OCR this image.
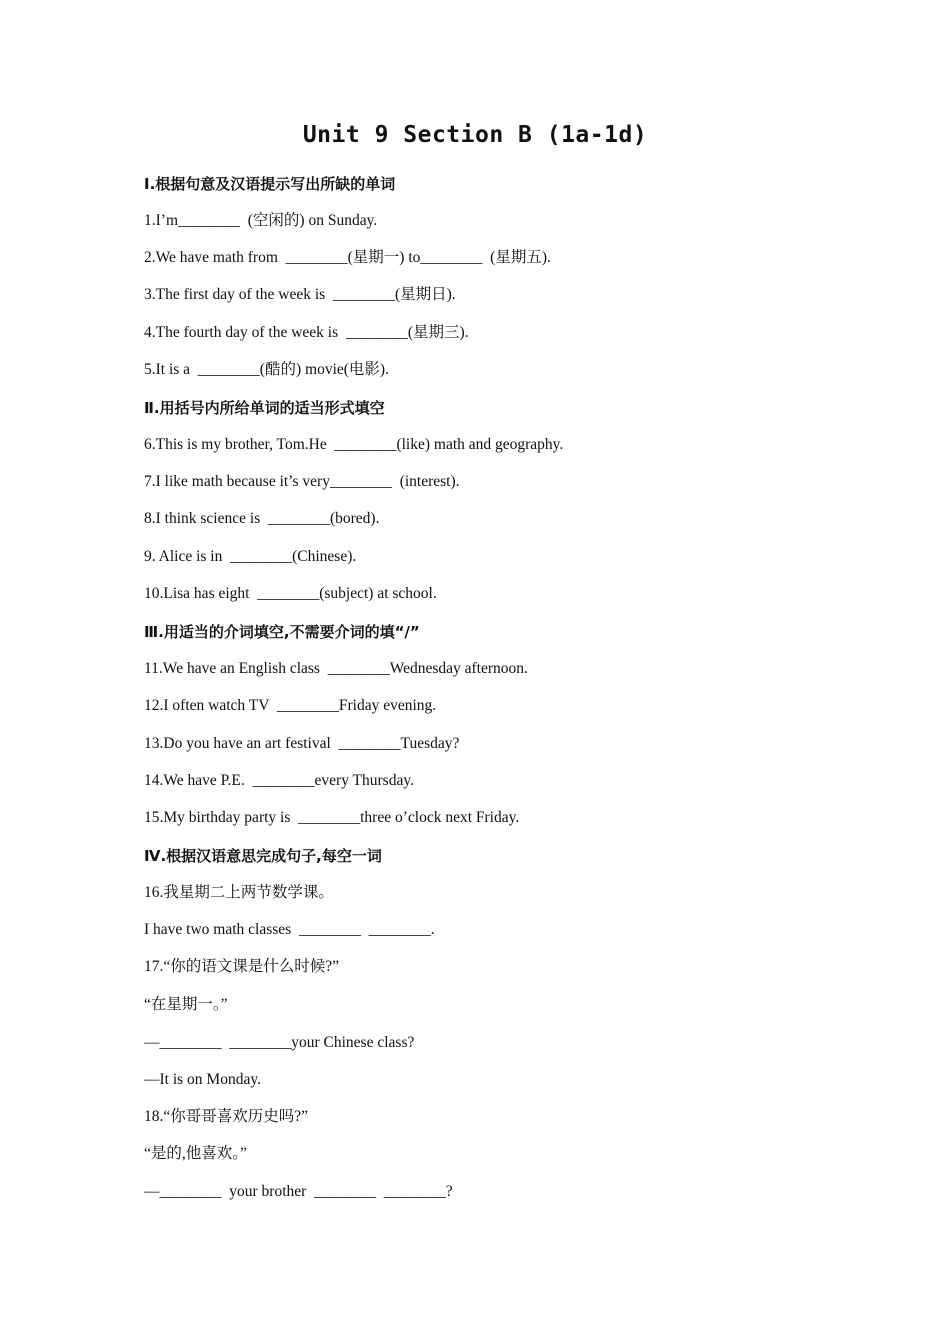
Unit 9 Section B (1a-1d)
Ⅰ.根据句意及汉语提示写出所缺的单词
1.I’m________  (空闲的) on Sunday.
2.We have math from  ________(星期一) to________  (星期五).
3.The first day of the week is  ________(星期日).
4.The fourth day of the week is  ________(星期三).
5.It is a  ________(酷的) movie(电影).
Ⅱ.用括号内所给单词的适当形式填空
6.This is my brother, Tom.He  ________(like) math and geography.
7.I like math because it’s very________  (interest).
8.I think science is  ________(bored).
9. Alice is in  ________(Chinese).
10.Lisa has eight  ________(subject) at school.
Ⅲ.用适当的介词填空,不需要介词的填“/”
11.We have an English class  ________Wednesday afternoon.
12.I often watch TV  ________Friday evening.
13.Do you have an art festival  ________Tuesday?
14.We have P.E.  ________every Thursday.
15.My birthday party is  ________three o’clock next Friday.
Ⅳ.根据汉语意思完成句子,每空一词
16.我星期二上两节数学课。
I have two math classes  ________  ________.
17.“你的语文课是什么时候?”
“在星期一。”
—________  ________your Chinese class?
—It is on Monday.
18.“你哥哥喜欢历史吗?”
“是的,他喜欢。”
—________  your brother  ________  ________?
